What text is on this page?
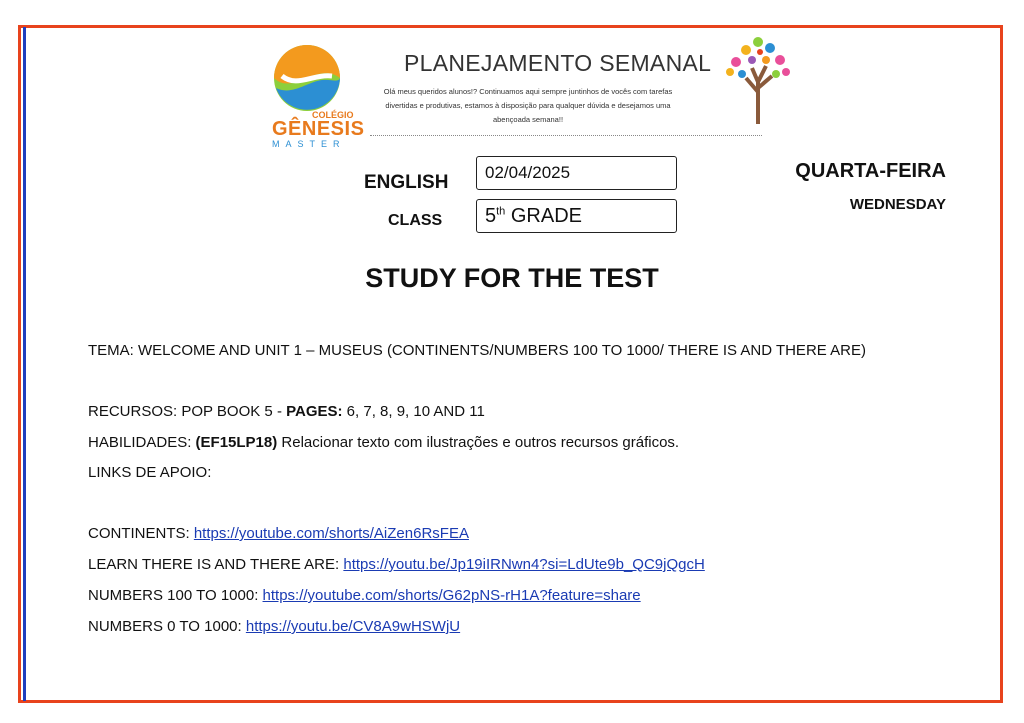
COLÉGIO
GÊNESIS
MASTER
PLANEJAMENTO SEMANAL
Olá meus queridos alunos!? Continuamos aqui sempre juntinhos de vocês com tarefas divertidas e produtivas, estamos à disposição para qualquer dúvida e desejamos uma abençoada semana!!
ENGLISH 02/04/2025
CLASS 5th GRADE
QUARTA-FEIRA
WEDNESDAY
STUDY FOR THE TEST
TEMA: WELCOME AND UNIT 1 – MUSEUS (CONTINENTS/NUMBERS 100 TO 1000/ THERE IS AND THERE ARE)
RECURSOS: POP BOOK 5 - PAGES: 6, 7, 8, 9, 10 AND 11
HABILIDADES: (EF15LP18) Relacionar texto com ilustrações e outros recursos gráficos.
LINKS DE APOIO:
CONTINENTS: https://youtube.com/shorts/AiZen6RsFEA
LEARN THERE IS AND THERE ARE: https://youtu.be/Jp19iIRNwn4?si=LdUte9b_QC9jQgcH
NUMBERS 100 TO 1000: https://youtube.com/shorts/G62pNS-rH1A?feature=share
NUMBERS 0 TO 1000: https://youtu.be/CV8A9wHSWjU
